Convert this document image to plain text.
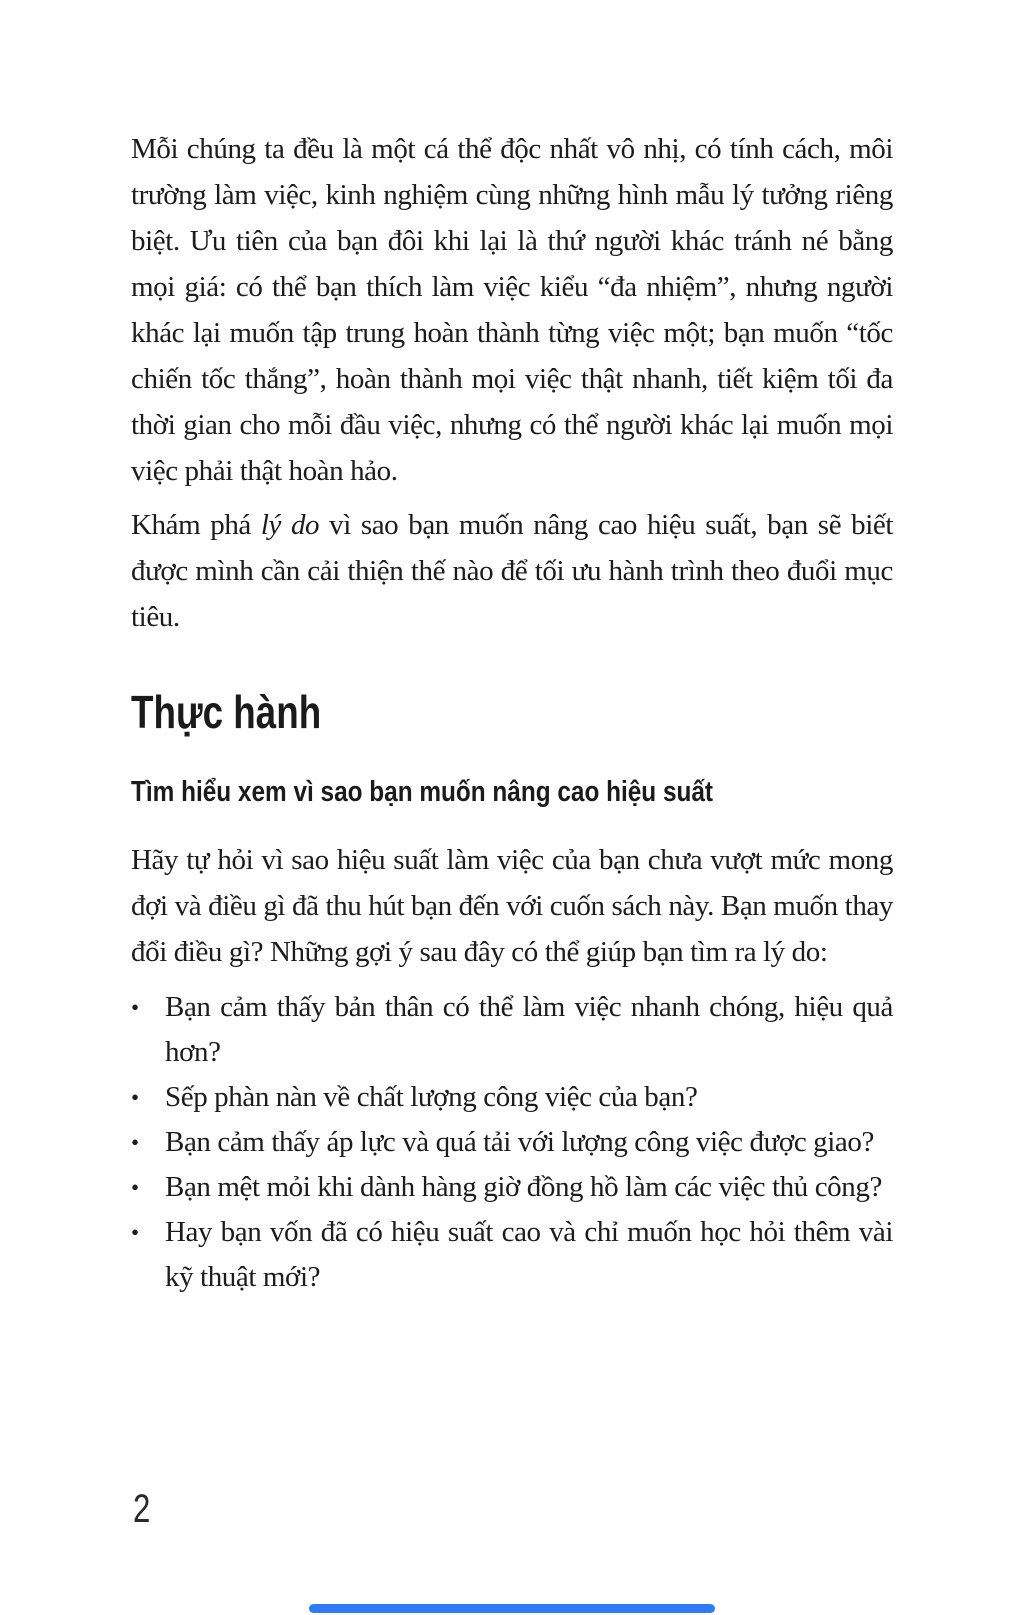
Mỗi chúng ta đều là một cá thể độc nhất vô nhị, có tính cách, môi trường làm việc, kinh nghiệm cùng những hình mẫu lý tưởng riêng biệt. Ưu tiên của bạn đôi khi lại là thứ người khác tránh né bằng mọi giá: có thể bạn thích làm việc kiểu “đa nhiệm”, nhưng người khác lại muốn tập trung hoàn thành từng việc một; bạn muốn “tốc chiến tốc thắng”, hoàn thành mọi việc thật nhanh, tiết kiệm tối đa thời gian cho mỗi đầu việc, nhưng có thể người khác lại muốn mọi việc phải thật hoàn hảo.

Khám phá lý do vì sao bạn muốn nâng cao hiệu suất, bạn sẽ biết được mình cần cải thiện thế nào để tối ưu hành trình theo đuổi mục tiêu.

Thực hành
Tìm hiểu xem vì sao bạn muốn nâng cao hiệu suất

Hãy tự hỏi vì sao hiệu suất làm việc của bạn chưa vượt mức mong đợi và điều gì đã thu hút bạn đến với cuốn sách này. Bạn muốn thay đổi điều gì? Những gợi ý sau đây có thể giúp bạn tìm ra lý do:

• Bạn cảm thấy bản thân có thể làm việc nhanh chóng, hiệu quả hơn?
• Sếp phàn nàn về chất lượng công việc của bạn?
• Bạn cảm thấy áp lực và quá tải với lượng công việc được giao?
• Bạn mệt mỏi khi dành hàng giờ đồng hồ làm các việc thủ công?
• Hay bạn vốn đã có hiệu suất cao và chỉ muốn học hỏi thêm vài kỹ thuật mới?
2
